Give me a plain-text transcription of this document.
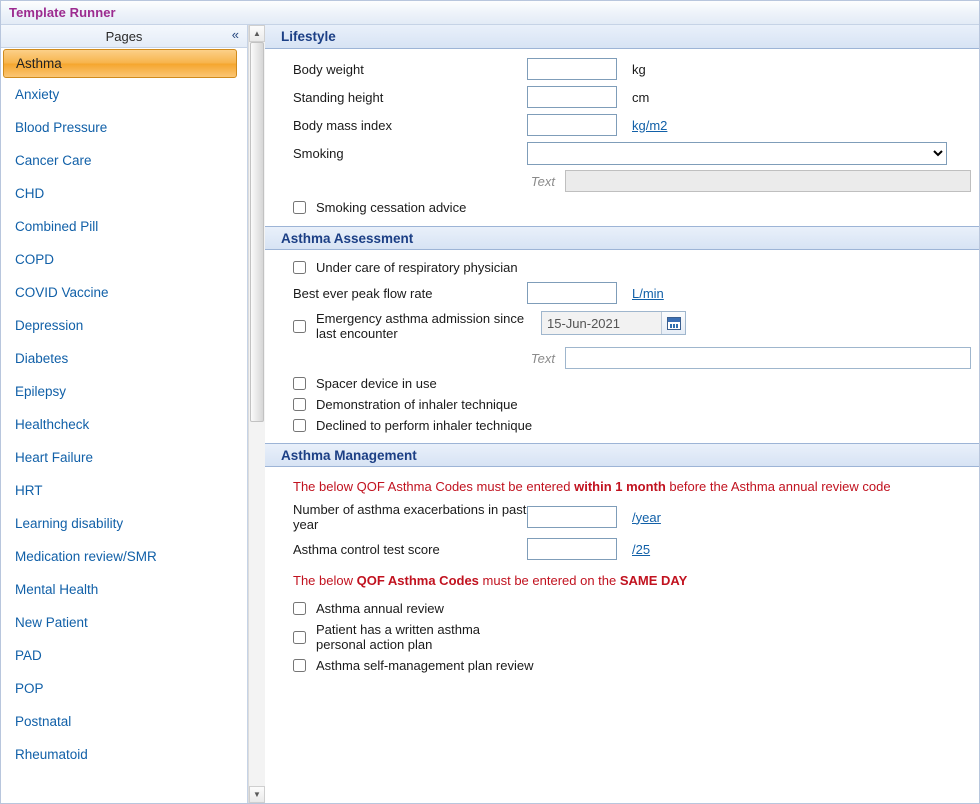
Template Runner
Pages	«
Asthma
Anxiety
Blood Pressure
Cancer Care
CHD
Combined Pill
COPD
COVID Vaccine
Depression
Diabetes
Epilepsy
Healthcheck
Heart Failure
HRT
Learning disability
Medication review/SMR
Mental Health
New Patient
PAD
POP
Postnatal
Rheumatoid
▲
▼
Lifestyle
Body weight	kg
Standing height	cm
Body mass index	kg/m2
Smoking
Text
Smoking cessation advice
Asthma Assessment
Under care of respiratory physician
Best ever peak flow rate	L/min
Emergency asthma admission since last encounter
15-Jun-2021
Text
Spacer device in use
Demonstration of inhaler technique
Declined to perform inhaler technique
Asthma Management
The below QOF Asthma Codes must be entered within 1 month before the Asthma annual review code
Number of asthma exacerbations in past year	/year
Asthma control test score	/25
The below QOF Asthma Codes must be entered on the SAME DAY
Asthma annual review
Patient has a written asthma personal action plan
Asthma self-management plan review
